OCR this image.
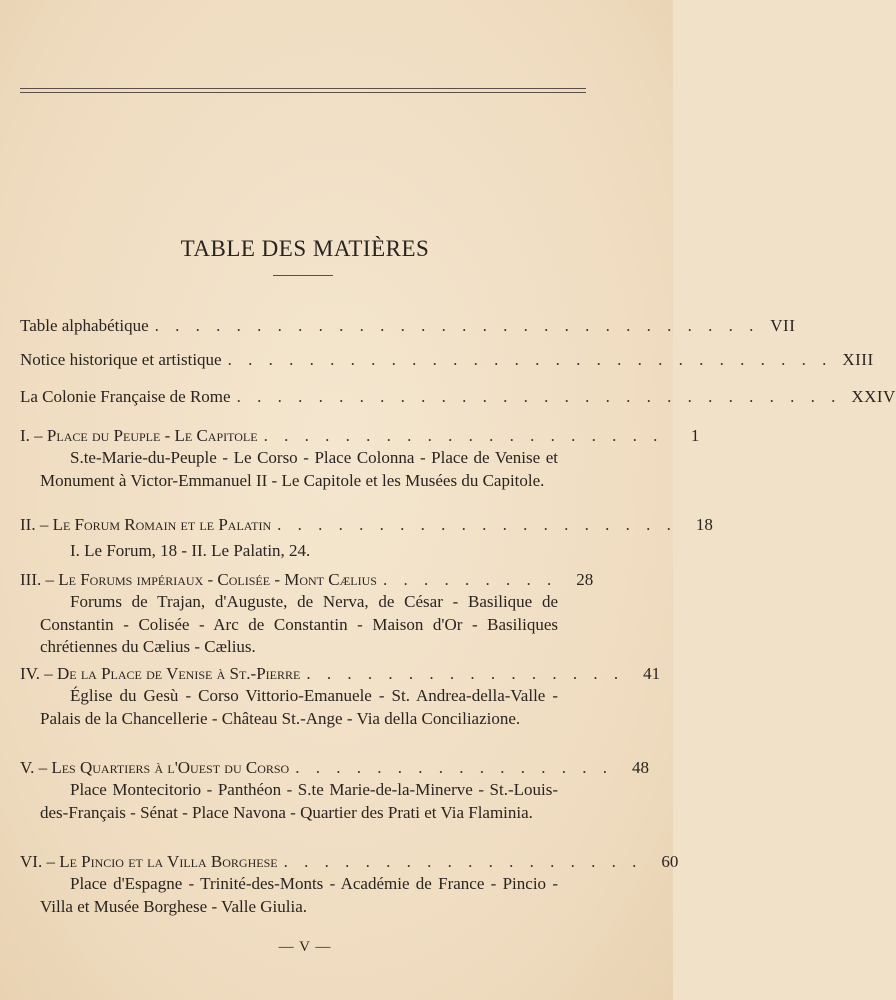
TABLE DES MATIÈRES
Table alphabétique . . . . . . . . . . . . . . . . . . . . . . . . . . . . . . VII
Notice historique et artistique . . . . . . . . . . . . . . . . . . . . . . . . . . . . . . XIII
La Colonie Française de Rome . . . . . . . . . . . . . . . . . . . . . . . . . . . . . . XXIV
I. – Place du Peuple - Le Capitole . . . . . . . . . . . . . . . . . . . .	1
S.te-Marie-du-Peuple - Le Corso - Place Colonna - Place de Venise et Monument à Victor-Emmanuel II - Le Capitole et les Musées du Capitole.
II. – Le Forum Romain et le Palatin . . . . . . . . . . . . . . . . . . . .	18
I. Le Forum, 18 - II. Le Palatin, 24.
III. – Le Forums impériaux - Colisée - Mont Cælius . . . . . . . . .	28
Forums de Trajan, d'Auguste, de Nerva, de César - Basilique de Constantin - Colisée - Arc de Constantin - Maison d'Or - Basiliques chrétiennes du Cælius - Cælius.
IV. – De la Place de Venise à St.-Pierre . . . . . . . . . . . . . . . .	41
Église du Gesù - Corso Vittorio-Emanuele - St. Andrea-della-Valle - Palais de la Chancellerie - Château St.-Ange - Via della Conciliazione.
V. – Les Quartiers à l'Ouest du Corso . . . . . . . . . . . . . . . .	48
Place Montecitorio - Panthéon - S.te Marie-de-la-Minerve - St.-Louis-des-Français - Sénat - Place Navona - Quartier des Prati et Via Flaminia.
VI. – Le Pincio et la Villa Borghese . . . . . . . . . . . . . . . . . .	60
Place d'Espagne - Trinité-des-Monts - Académie de France - Pincio - Villa et Musée Borghese - Valle Giulia.
— V —
